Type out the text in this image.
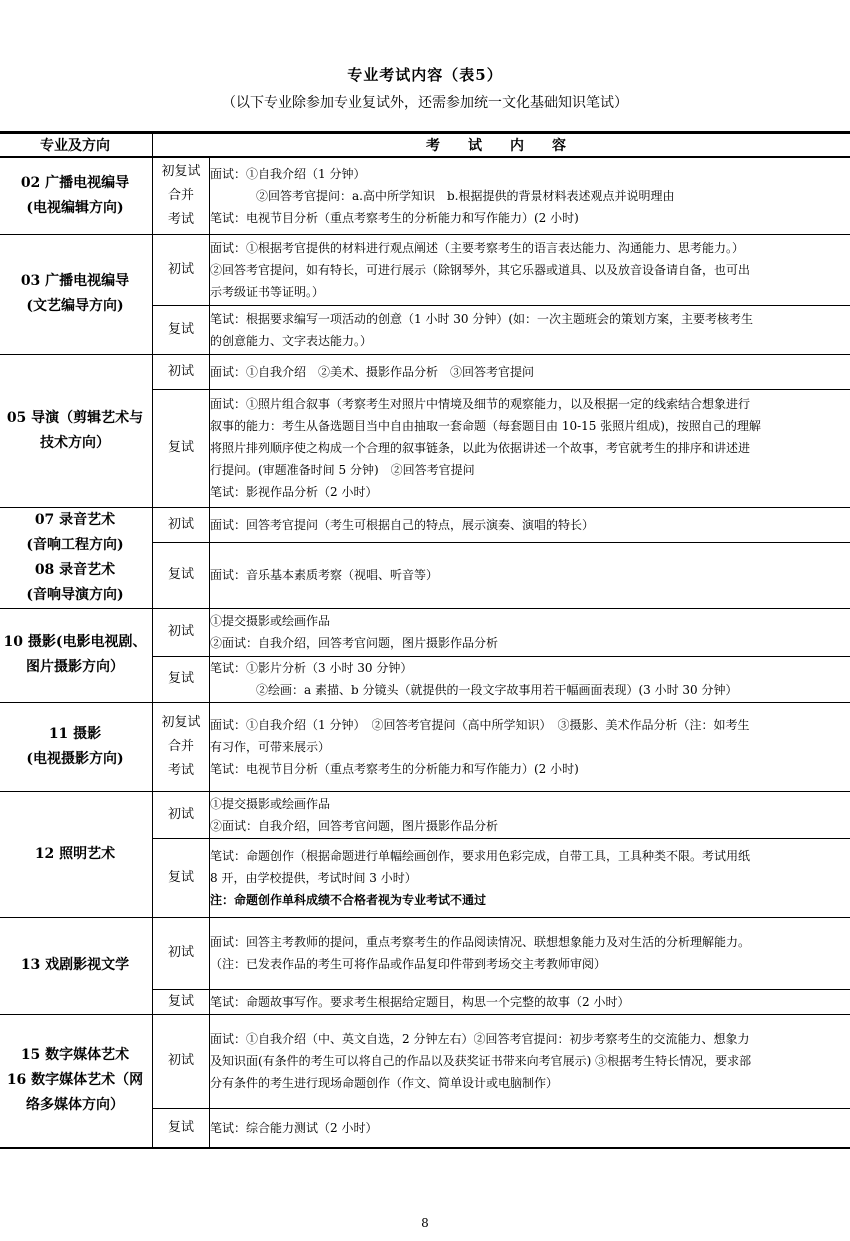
专业考试内容（表5）
（以下专业除参加专业复试外，还需参加统一文化基础知识笔试）
专业及方向	考试内容	

02 广播电视编导
(电视编辑方向)	初复试
合并
考试	面试：①自我介绍（1 分钟）
②回答考官提问：a.高中所学知识　b.根据提供的背景材料表述观点并说明理由
笔试：电视节目分析（重点考察考生的分析能力和写作能力）(2 小时)

03 广播电视编导
(文艺编导方向)	初试	面试：①根据考官提供的材料进行观点阐述（主要考察考生的语言表达能力、沟通能力、思考能力。）
②回答考官提问，如有特长，可进行展示（除钢琴外，其它乐器或道具、以及放音设备请自备，也可出
示考级证书等证明。）

	复试	笔试：根据要求编写一项活动的创意（1 小时 30 分钟）(如：一次主题班会的策划方案，主要考核考生
的创意能力、文字表达能力。）

05 导演（剪辑艺术与
技术方向）	初试	面试：①自我介绍　②美术、摄影作品分析　③回答考官提问

	复试	面试：①照片组合叙事（考察考生对照片中情境及细节的观察能力，以及根据一定的线索结合想象进行
叙事的能力：考生从备选题目当中自由抽取一套命题（每套题目由 10-15 张照片组成)，按照自己的理解
将照片排列顺序使之构成一个合理的叙事链条，以此为依据讲述一个故事，考官就考生的排序和讲述进
行提问。(审题准备时间 5 分钟)　②回答考官提问
笔试：影视作品分析（2 小时）

07 录音艺术
(音响工程方向)
08 录音艺术
(音响导演方向)	初试	面试：回答考官提问（考生可根据自己的特点，展示演奏、演唱的特长）

	复试	面试：音乐基本素质考察（视唱、听音等）

10 摄影(电影电视剧、
图片摄影方向）	初试	①提交摄影或绘画作品
②面试：自我介绍，回答考官问题，图片摄影作品分析

	复试	笔试：①影片分析（3 小时 30 分钟）
②绘画：a 素描、b 分镜头（就提供的一段文字故事用若干幅画面表现）(3 小时 30 分钟）

11 摄影
(电视摄影方向)	初复试
合并
考试	面试：①自我介绍（1 分钟）　②回答考官提问（高中所学知识）　③摄影、美术作品分析（注：如考生
有习作，可带来展示）
笔试：电视节目分析（重点考察考生的分析能力和写作能力）(2 小时)

12 照明艺术	初试	①提交摄影或绘画作品
②面试：自我介绍，回答考官问题，图片摄影作品分析

	复试	笔试：命题创作（根据命题进行单幅绘画创作，要求用色彩完成，自带工具，工具种类不限。考试用纸
8 开，由学校提供，考试时间 3 小时）
注：命题创作单科成绩不合格者视为专业考试不通过

13 戏剧影视文学	初试	面试：回答主考教师的提问，重点考察考生的作品阅读情况、联想想象能力及对生活的分析理解能力。
（注：已发表作品的考生可将作品或作品复印件带到考场交主考教师审阅）

	复试	笔试：命题故事写作。要求考生根据给定题目，构思一个完整的故事（2 小时）

15 数字媒体艺术
16 数字媒体艺术（网
络多媒体方向）	初试	面试：①自我介绍（中、英文自选，2 分钟左右）②回答考官提问：初步考察考生的交流能力、想象力
及知识面(有条件的考生可以将自己的作品以及获奖证书带来向考官展示) ③根据考生特长情况，要求部
分有条件的考生进行现场命题创作（作文、简单设计或电脑制作）

	复试	笔试：综合能力测试（2 小时）
8
